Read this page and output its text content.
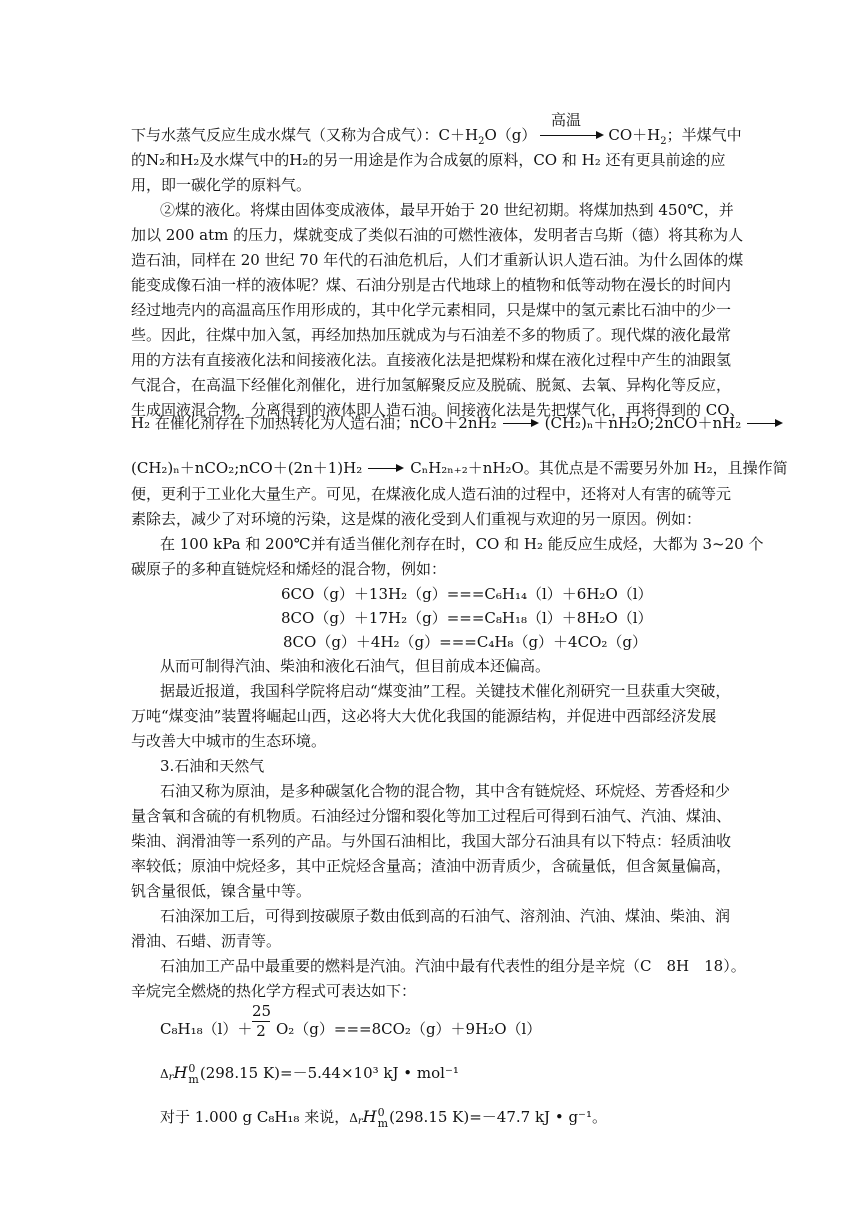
高温
下与水蒸气反应生成水煤气（又称为合成气）：$C+H_2O(g)$	$CO+H_2$；半煤气中
的N₂和H₂及水煤气中的H₂的另一用途是作为合成氨的原料，CO 和 H₂ 还有更具前途的应
用，即一碳化学的原料气。
②煤的液化。将煤由固体变成液体，最早开始于 20 世纪初期。将煤加热到 450℃，并
加以 200 atm 的压力，煤就变成了类似石油的可燃性液体，发明者吉乌斯（德）将其称为人
造石油，同样在 20 世纪 70 年代的石油危机后，人们才重新认识人造石油。为什么固体的煤
能变成像石油一样的液体呢？煤、石油分别是古代地球上的植物和低等动物在漫长的时间内
经过地壳内的高温高压作用形成的，其中化学元素相同，只是煤中的氢元素比石油中的少一
些。因此，往煤中加入氢，再经加热加压就成为与石油差不多的物质了。现代煤的液化最常
用的方法有直接液化法和间接液化法。直接液化法是把煤粉和煤在液化过程中产生的油跟氢
气混合，在高温下经催化剂催化，进行加氢解聚反应及脱硫、脱氮、去氧、异构化等反应，
生成固液混合物，分离得到的液体即人造石油。间接液化法是先把煤气化，再将得到的 CO、
H₂ 在催化剂存在下加热转化为人造石油；nCO＋2nH₂	(CH₂)ₙ＋nH₂O;2nCO＋nH₂
(CH₂)ₙ＋nCO₂;nCO＋(2n＋1)H₂	CₙH₂ₙ₊₂＋nH₂O。其优点是不需要另外加 H₂，且操作简
便，更利于工业化大量生产。可见，在煤液化成人造石油的过程中，还将对人有害的硫等元
素除去，减少了对环境的污染，这是煤的液化受到人们重视与欢迎的另一原因。例如：
在 100 kPa 和 200℃并有适当催化剂存在时，CO 和 H₂ 能反应生成烃，大都为 3~20 个
碳原子的多种直链烷烃和烯烃的混合物，例如：
6CO（g）＋13H₂（g）===C₆H₁₄（l）＋6H₂O（l）
8CO（g）＋17H₂（g）===C₈H₁₈（l）＋8H₂O（l）
8CO（g）＋4H₂（g）===C₄H₈（g）＋4CO₂（g）
从而可制得汽油、柴油和液化石油气，但目前成本还偏高。
据最近报道，我国科学院将启动“煤变油”工程。关键技术催化剂研究一旦获重大突破，
万吨“煤变油”装置将崛起山西，这必将大大优化我国的能源结构，并促进中西部经济发展
与改善大中城市的生态环境。
3.石油和天然气
石油又称为原油，是多种碳氢化合物的混合物，其中含有链烷烃、环烷烃、芳香烃和少
量含氧和含硫的有机物质。石油经过分馏和裂化等加工过程后可得到石油气、汽油、煤油、
柴油、润滑油等一系列的产品。与外国石油相比，我国大部分石油具有以下特点：轻质油收
率较低；原油中烷烃多，其中正烷烃含量高；渣油中沥青质少，含硫量低，但含氮量偏高，
钒含量很低，镍含量中等。
石油深加工后，可得到按碳原子数由低到高的石油气、溶剂油、汽油、煤油、柴油、润
滑油、石蜡、沥青等。
石油加工产品中最重要的燃料是汽油。汽油中最有代表性的组分是辛烷（C　8H　18）。
辛烷完全燃烧的热化学方程式可表达如下：
C₈H₁₈（l）＋
25
2 O₂（g）===8CO₂（g）＋9H₂O（l）
ΔrH 0
m (298.15 K)=－5.44×10³ kJ • mol⁻¹
对于 1.000 g C₈H₁₈ 来说，ΔrH 0
m (298.15 K)=－47.7 kJ • g⁻¹。
